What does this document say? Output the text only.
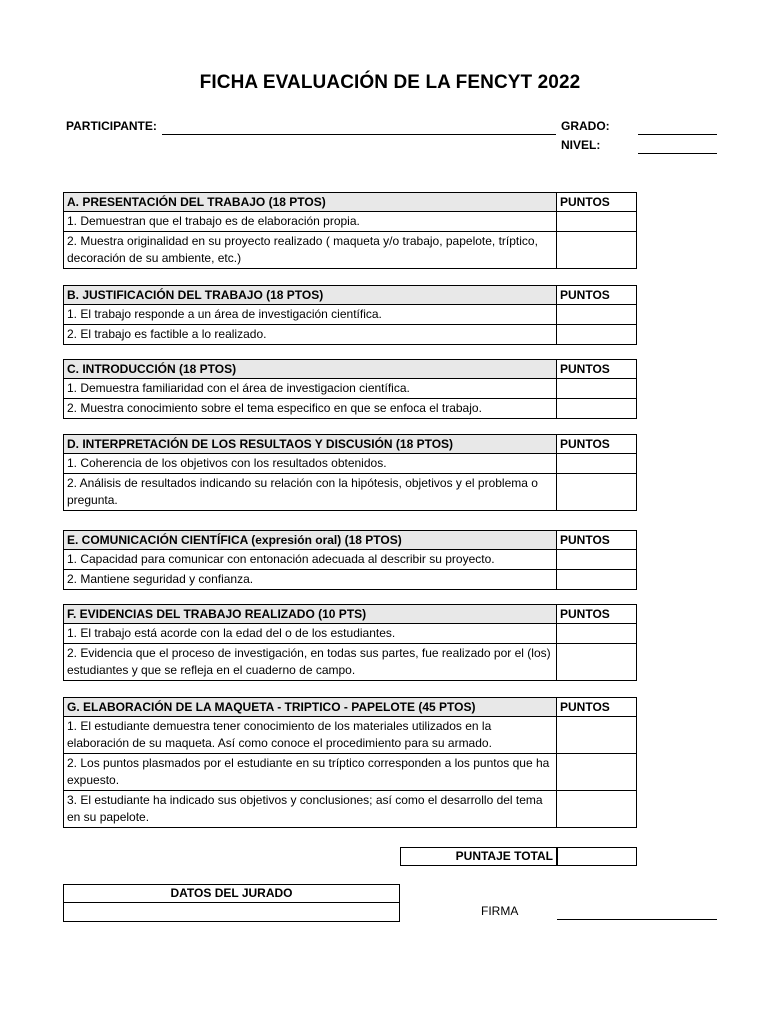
FICHA EVALUACIÓN DE LA FENCYT 2022
PARTICIPANTE:	GRADO:
NIVEL:
A. PRESENTACIÓN DEL TRABAJO (18 PTOS)	PUNTOS
1. Demuestran que el trabajo es de elaboración propia.	
2. Muestra originalidad en su proyecto realizado ( maqueta y/o trabajo, papelote, tríptico, decoración de su ambiente, etc.)	
B. JUSTIFICACIÓN DEL TRABAJO (18 PTOS)	PUNTOS
1. El trabajo responde a un área de investigación científica.	
2. El trabajo es factible a lo realizado.	
C. INTRODUCCIÓN (18 PTOS)	PUNTOS
1. Demuestra familiaridad con el área de investigacion científica.	
2. Muestra conocimiento sobre el tema especifico en que se enfoca el trabajo.	
D. INTERPRETACIÓN DE LOS RESULTAOS Y DISCUSIÓN (18 PTOS)	PUNTOS
1. Coherencia de los objetivos con los resultados obtenidos.	
2. Análisis de resultados indicando su relación con la hipótesis, objetivos y el problema o pregunta.	
E. COMUNICACIÓN CIENTÍFICA (expresión oral) (18 PTOS)	PUNTOS
1. Capacidad para comunicar con entonación adecuada al describir su proyecto.	
2. Mantiene seguridad y confianza.	
F. EVIDENCIAS DEL TRABAJO REALIZADO (10 PTS)	PUNTOS
1. El trabajo está acorde con la edad del o de los estudiantes.	
2. Evidencia que el proceso de investigación, en todas sus partes, fue realizado por el (los) estudiantes y que se refleja en el cuaderno de campo.	
G. ELABORACIÓN DE LA MAQUETA - TRIPTICO - PAPELOTE (45 PTOS)	PUNTOS
1. El estudiante demuestra tener conocimiento de los materiales utilizados en la elaboración de su maqueta. Así como conoce el procedimiento para su armado.	
2. Los puntos plasmados por el estudiante en su tríptico corresponden a los puntos que ha expuesto.	
3. El estudiante ha indicado sus objetivos y conclusiones; así como el desarrollo del tema en su papelote.	
PUNTAJE TOTAL
DATOS DEL JURADO
FIRMA
